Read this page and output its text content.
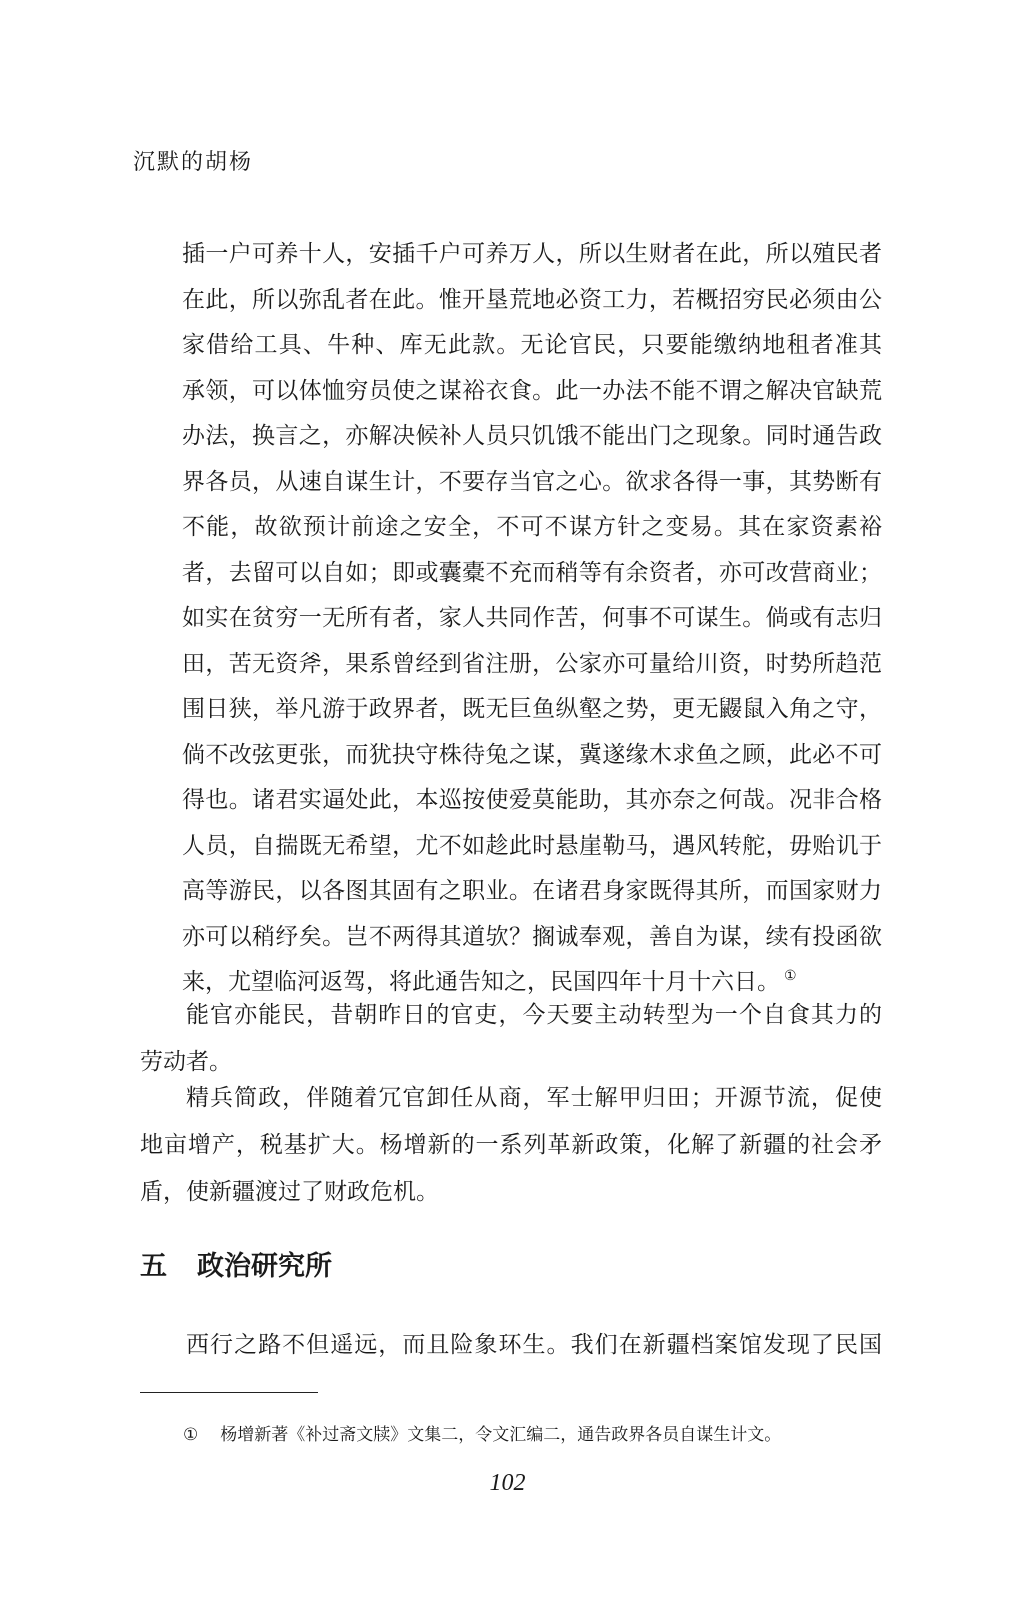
沉默的胡杨
插一户可养十人，安插千户可养万人，所以生财者在此，所以殖民者
在此，所以弥乱者在此。惟开垦荒地必资工力，若概招穷民必须由公
家借给工具、牛种、库无此款。无论官民，只要能缴纳地租者准其
承领，可以体恤穷员使之谋裕衣食。此一办法不能不谓之解决官缺荒
办法，换言之，亦解决候补人员只饥饿不能出门之现象。同时通告政
界各员，从速自谋生计，不要存当官之心。欲求各得一事，其势断有
不能，故欲预计前途之安全，不可不谋方针之变易。其在家资素裕
者，去留可以自如；即或囊橐不充而稍等有余资者，亦可改营商业；
如实在贫穷一无所有者，家人共同作苦，何事不可谋生。倘或有志归
田，苦无资斧，果系曾经到省注册，公家亦可量给川资，时势所趋范
围日狭，举凡游于政界者，既无巨鱼纵壑之势，更无鼹鼠入角之守，
倘不改弦更张，而犹抉守株待兔之谋，冀遂缘木求鱼之顾，此必不可
得也。诸君实逼处此，本巡按使爱莫能助，其亦奈之何哉。况非合格
人员，自揣既无希望，尤不如趁此时悬崖勒马，遇风转舵，毋贻讥于
高等游民，以各图其固有之职业。在诸君身家既得其所，而国家财力
亦可以稍纾矣。岂不两得其道欤？搁诚奉观，善自为谋，续有投函欲
来，尤望临河返驾，将此通告知之，民国四年十月十六日。 ①
能官亦能民，昔朝昨日的官吏，今天要主动转型为一个自食其力的
劳动者。
精兵简政，伴随着冗官卸任从商，军士解甲归田；开源节流，促使
地亩增产，税基扩大。杨增新的一系列革新政策，化解了新疆的社会矛
盾，使新疆渡过了财政危机。
五 政治研究所
西行之路不但遥远，而且险象环生。我们在新疆档案馆发现了民国
① 杨增新著《补过斋文牍》文集二，令文汇编二，通告政界各员自谋生计文。
102
